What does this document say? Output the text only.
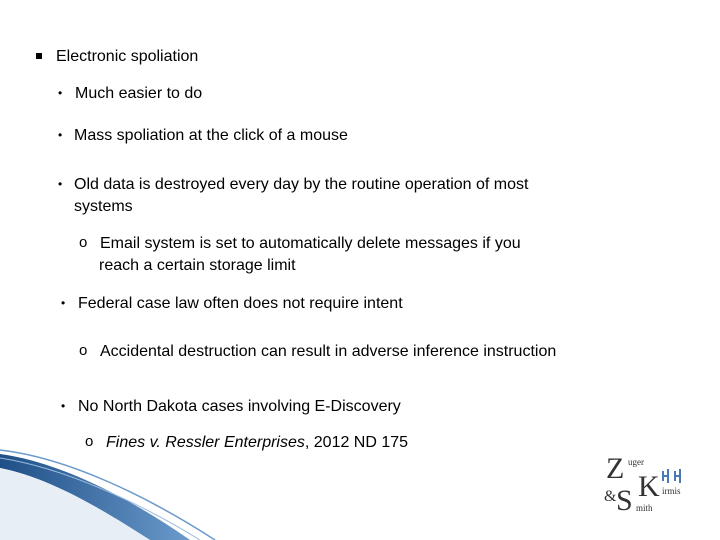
Electronic spoliation
• Much easier to do
• Mass spoliation at the click of a mouse
• Old data is destroyed every day by the routine operation of most
systems
o Email system is set to automatically delete messages if you
reach a certain storage limit
• Federal case law often does not require intent
o Accidental destruction can result in adverse inference instruction
• No North Dakota cases involving E-Discovery
o Fines v. Ressler Enterprises, 2012 ND 175
Z uger
K irmis
& S mith
